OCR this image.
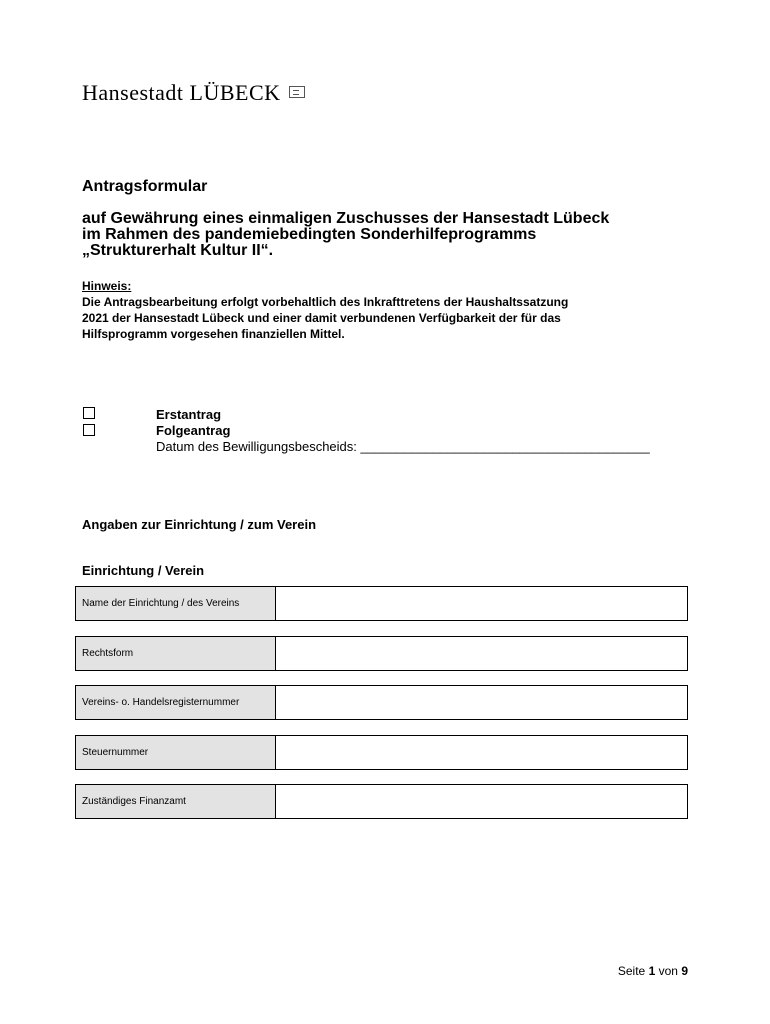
Hansestadt LÜBECK
Antragsformular
auf Gewährung eines einmaligen Zuschusses der Hansestadt Lübeck
im Rahmen des pandemiebedingten Sonderhilfeprogramms
„Strukturerhalt Kultur II“.
Hinweis:
Die Antragsbearbeitung erfolgt vorbehaltlich des Inkrafttretens der Haushaltssatzung
2021 der Hansestadt Lübeck und einer damit verbundenen Verfügbarkeit der für das
Hilfsprogramm vorgesehen finanziellen Mittel.
Erstantrag
Folgeantrag
Datum des Bewilligungsbescheids: ________________________________________
Angaben zur Einrichtung / zum Verein
Einrichtung / Verein
Name der Einrichtung / des Vereins
Rechtsform
Vereins- o. Handelsregisternummer
Steuernummer
Zuständiges Finanzamt
Seite 1 von 9
